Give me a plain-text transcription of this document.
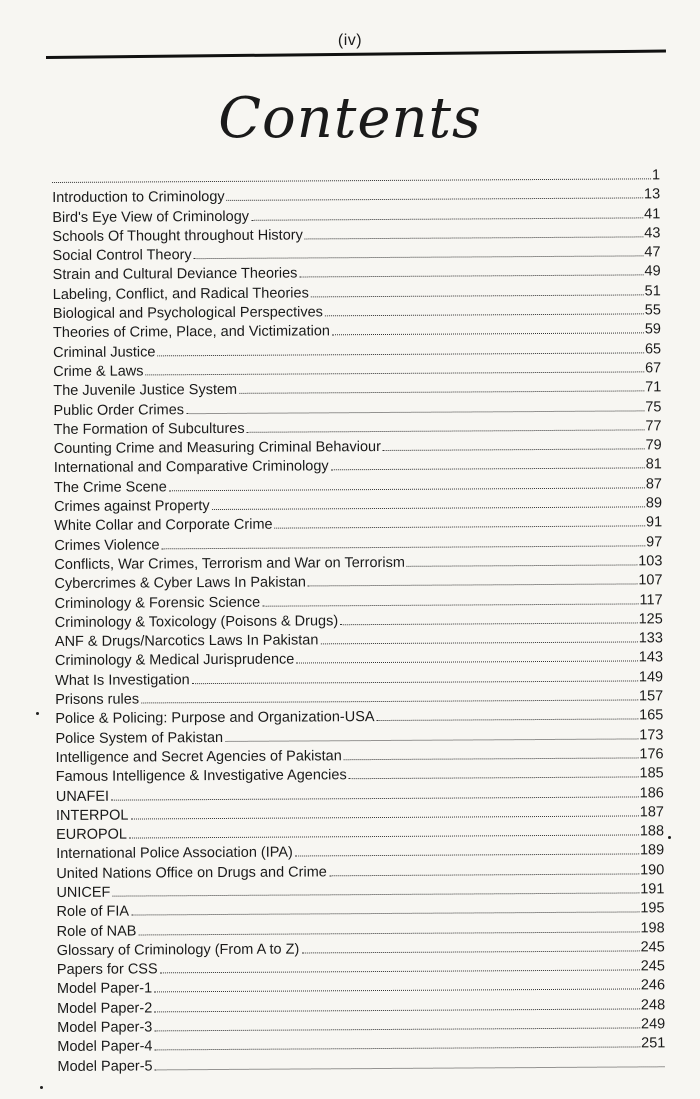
(iv)
Contents
1
Introduction to Criminology	13
Bird's Eye View of Criminology	41
Schools Of Thought throughout History	43
Social Control Theory	47
Strain and Cultural Deviance Theories	49
Labeling, Conflict, and Radical Theories	51
Biological and Psychological Perspectives	55
Theories of Crime, Place, and Victimization	59
Criminal Justice	65
Crime & Laws	67
The Juvenile Justice System	71
Public Order Crimes	75
The Formation of Subcultures	77
Counting Crime and Measuring Criminal Behaviour	79
International and Comparative Criminology	81
The Crime Scene	87
Crimes against Property	89
White Collar and Corporate Crime	91
Crimes Violence	97
Conflicts, War Crimes, Terrorism and War on Terrorism	103
Cybercrimes & Cyber Laws In Pakistan	107
Criminology & Forensic Science	117
Criminology & Toxicology (Poisons & Drugs)	125
ANF & Drugs/Narcotics Laws In Pakistan	133
Criminology & Medical Jurisprudence	143
What Is Investigation	149
Prisons rules	157
Police & Policing: Purpose and Organization-USA	165
Police System of Pakistan	173
Intelligence and Secret Agencies of Pakistan	176
Famous Intelligence & Investigative Agencies	185
UNAFEI	186
INTERPOL	187
EUROPOL	188
International Police Association (IPA)	189
United Nations Office on Drugs and Crime	190
UNICEF	191
Role of FIA	195
Role of NAB	198
Glossary of Criminology (From A to Z)	245
Papers for CSS	245
Model Paper-1	246
Model Paper-2	248
Model Paper-3	249
Model Paper-4	251
Model Paper-5
